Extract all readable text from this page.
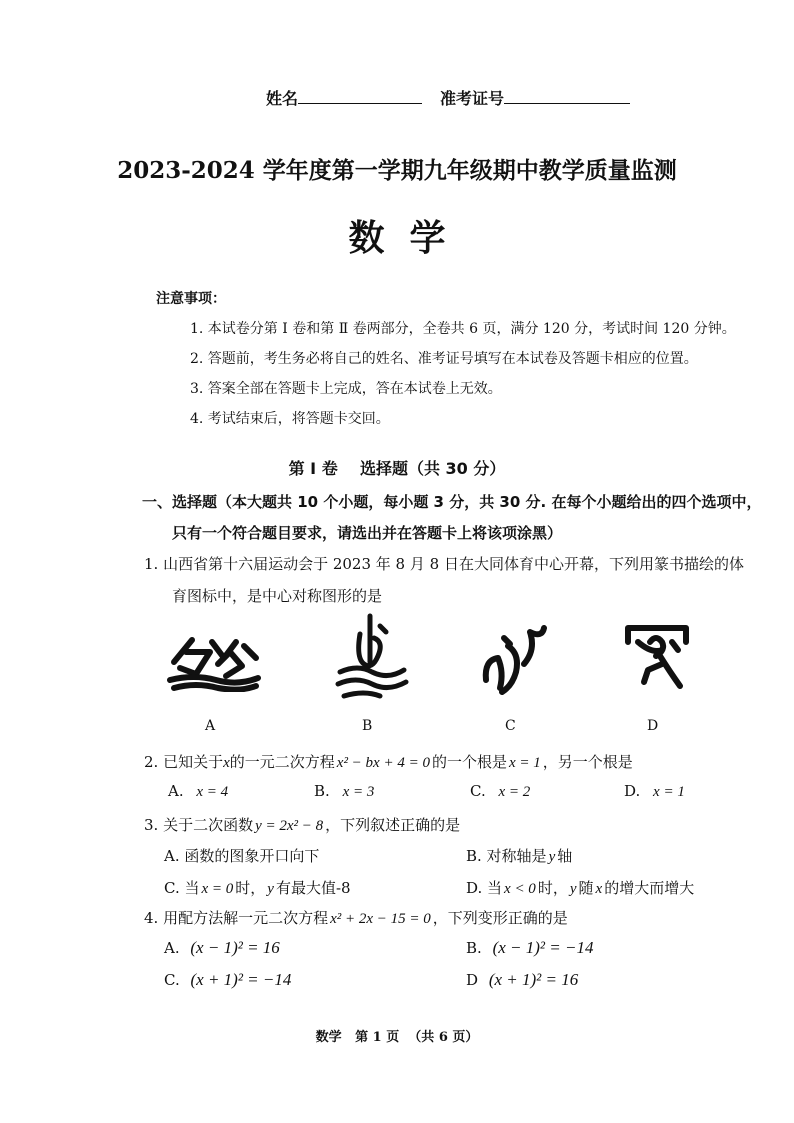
姓名	准考证号
2023-2024 学年度第一学期九年级期中教学质量监测
数  学
注意事项：
1. 本试卷分第 Ⅰ 卷和第 Ⅱ 卷两部分，全卷共 6 页，满分 120 分，考试时间 120 分钟。
2. 答题前，考生务必将自己的姓名、准考证号填写在本试卷及答题卡相应的位置。
3. 答案全部在答题卡上完成，答在本试卷上无效。
4. 考试结束后，将答题卡交回。
第 Ⅰ 卷    选择题（共 30 分）
一、选择题（本大题共 10 个小题，每小题 3 分，共 30 分. 在每个小题给出的四个选项中，
只有一个符合题目要求，请选出并在答题卡上将该项涂黑）
1. 山西省第十六届运动会于 2023 年 8 月 8 日在大同体育中心开幕，下列用篆书描绘的体
育图标中，是中心对称图形的是
A	B	C	D
2. 已知关于x的一元二次方程 x² − bx + 4 = 0 的一个根是 x = 1 ，另一个根是
A. x = 4	B. x = 3	C. x = 2	D. x = 1
3. 关于二次函数 y = 2x² − 8 ，下列叙述正确的是
A. 函数的图象开口向下	B. 对称轴是 y 轴
C. 当 x = 0 时， y 有最大值-8	D. 当 x < 0 时， y 随 x 的增大而增大
4. 用配方法解一元二次方程 x² + 2x − 15 = 0 ，下列变形正确的是
A. (x − 1)² = 16	B. (x − 1)² = −14
C. (x + 1)² = −14	D (x + 1)² = 16
数学   第 1 页  （共 6 页）
